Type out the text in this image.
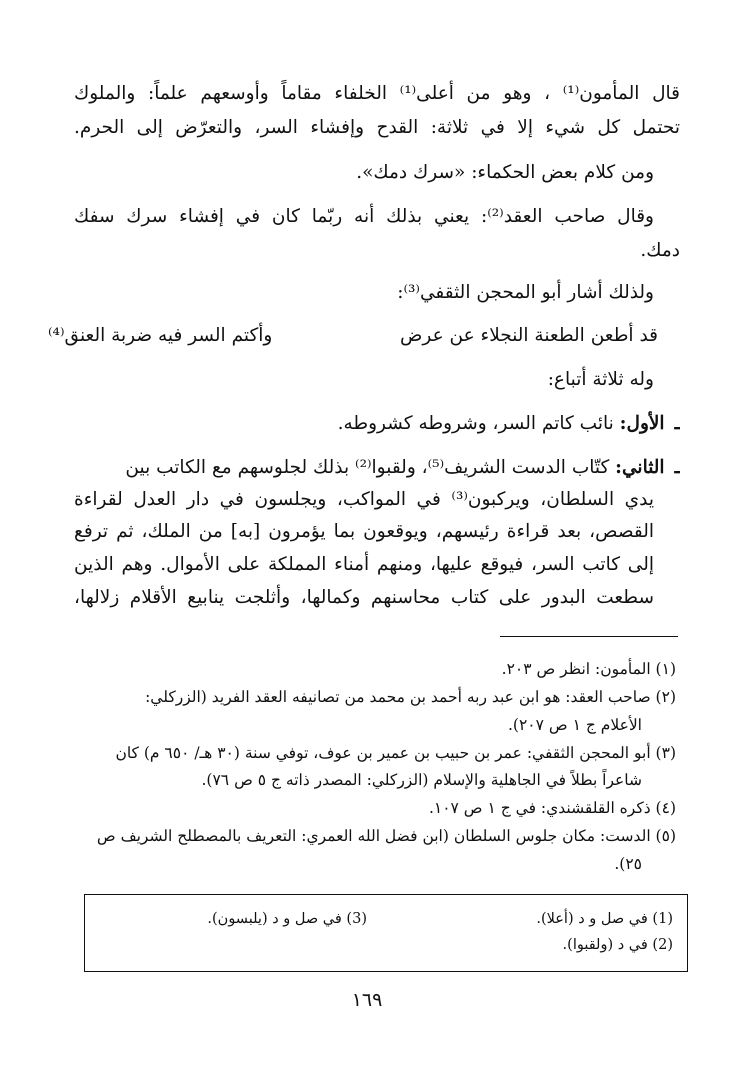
قال المأمون⁽¹⁾ ، وهو من أعلى⁽¹⁾ الخلفاء مقاماً وأوسعهم علماً: والملوك
تحتمل كل شيء إلا في ثلاثة: القدح وإفشاء السر، والتعرّض إلى الحرم.
ومن كلام بعض الحكماء: «سرك دمك».
وقال صاحب العقد⁽²⁾: يعني بذلك أنه ربّما كان في إفشاء سرك سفك
دمك.
ولذلك أشار أبو المحجن الثقفي⁽³⁾:
قد أطعن الطعنة النجلاء عن عرض
وأكتم السر فيه ضربة العنق⁽⁴⁾
وله ثلاثة أتباع:
ـالأول: نائب كاتم السر، وشروطه كشروطه.
ـالثاني: كتّاب الدست الشريف⁽⁵⁾، ولقبوا⁽²⁾ بذلك لجلوسهم مع الكاتب بين
يدي السلطان، ويركبون⁽³⁾ في المواكب، ويجلسون في دار العدل لقراءة
القصص، بعد قراءة رئيسهم، ويوقعون بما يؤمرون [به] من الملك، ثم ترفع
إلى كاتب السر، فيوقع عليها، ومنهم أمناء المملكة على الأموال. وهم الذين
سطعت البدور على كتاب محاسنهم وكمالها، وأثلجت ينابيع الأقلام زلالها،
(١) المأمون: انظر ص ٢٠٣.
(٢) صاحب العقد: هو ابن عبد ربه أحمد بن محمد من تصانيفه العقد الفريد (الزركلي:
الأعلام ج ١ ص ٢٠٧).
(٣) أبو المحجن الثقفي: عمر بن حبيب بن عمير بن عوف، توفي سنة (٣٠ هـ/ ٦٥٠ م) كان
شاعراً بطلاً في الجاهلية والإسلام (الزركلي: المصدر ذاته ج ٥ ص ٧٦).
(٤) ذكره القلقشندي: في ج ١ ص ١٠٧.
(٥) الدست: مكان جلوس السلطان (ابن فضل الله العمري: التعريف بالمصطلح الشريف ص
٢٥).
(1) في صل و د (أعلا).
(2) في د (ولقبوا).
(3) في صل و د (يلبسون).
١٦٩
